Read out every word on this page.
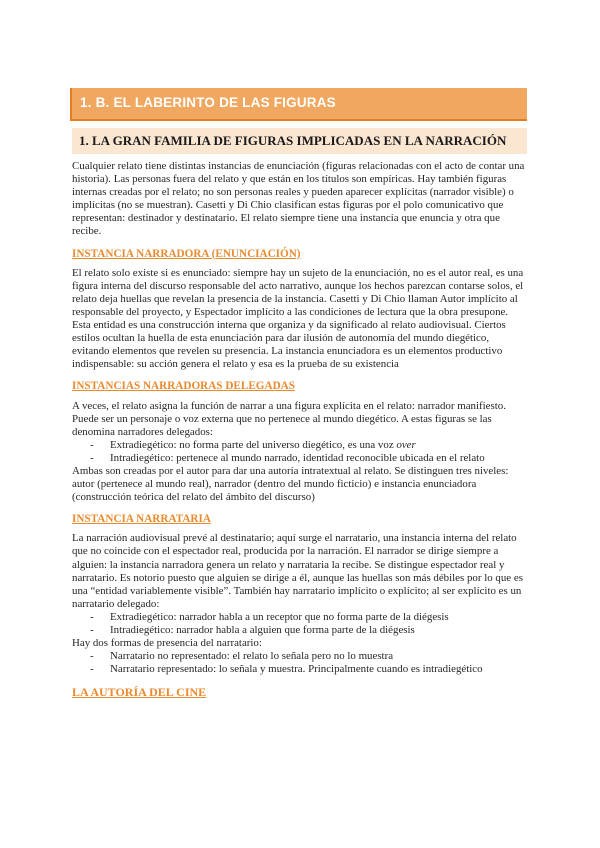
1. B. EL LABERINTO DE LAS FIGURAS
1. LA GRAN FAMILIA DE FIGURAS IMPLICADAS EN LA NARRACIÓN

Cualquier relato tiene distintas instancias de enunciación (figuras relacionadas con el acto de contar una historia). Las personas fuera del relato y que están en los títulos son empíricas. Hay también figuras internas creadas por el relato; no son personas reales y pueden aparecer explícitas (narrador visible) o implícitas (no se muestran). Casetti y Di Chio clasifican estas figuras por el polo comunicativo que representan: destinador y destinatario. El relato siempre tiene una instancia que enuncia y otra que recibe.

INSTANCIA NARRADORA (ENUNCIACIÓN)

El relato solo existe si es enunciado: siempre hay un sujeto de la enunciación, no es el autor real, es una figura interna del discurso responsable del acto narrativo, aunque los hechos parezcan contarse solos, el relato deja huellas que revelan la presencia de la instancia. Casetti y Di Chio llaman Autor implícito al responsable del proyecto, y Espectador implícito a las condiciones de lectura que la obra presupone. Esta entidad es una construcción interna que organiza y da significado al relato audiovisual. Ciertos estilos ocultan la huella de esta enunciación para dar ilusión de autonomía del mundo diegético, evitando elementos que revelen su presencia. La instancia enunciadora es un elementos productivo indispensable: su acción genera el relato y esa es la prueba de su existencia

INSTANCIAS NARRADORAS DELEGADAS

A veces, el relato asigna la función de narrar a una figura explícita en el relato: narrador manifiesto. Puede ser un personaje o voz externa que no pertenece al mundo diegético. A estas figuras se las denomina narradores delegados:

- Extradiegético: no forma parte del universo diegético, es una voz over
- Intradiegético: pertenece al mundo narrado, identidad reconocible ubicada en el relato

Ambas son creadas por el autor para dar una autoría intratextual al relato. Se distinguen tres niveles: autor (pertenece al mundo real), narrador (dentro del mundo ficticio) e instancia enunciadora (construcción teórica del relato del ámbito del discurso)

INSTANCIA NARRATARIA

La narración audiovisual prevé al destinatario; aquí surge el narratario, una instancia interna del relato que no coincide con el espectador real, producida por la narración. El narrador se dirige siempre a alguien: la instancia narradora genera un relato y narrataria la recibe. Se distingue espectador real y narratario. Es notorio puesto que alguien se dirige a él, aunque las huellas son más débiles por lo que es una “entidad variablemente visible”. También hay narratario implícito o explícito; al ser explícito es un narratario delegado:

- Extradiegético: narrador habla a un receptor que no forma parte de la diégesis
- Intradiegético: narrador habla a alguien que forma parte de la diégesis

Hay dos formas de presencia del narratario:

- Narratario no representado: el relato lo señala pero no lo muestra
- Narratario representado: lo señala y muestra. Principalmente cuando es intradiegético
LA AUTORÍA DEL CINE
